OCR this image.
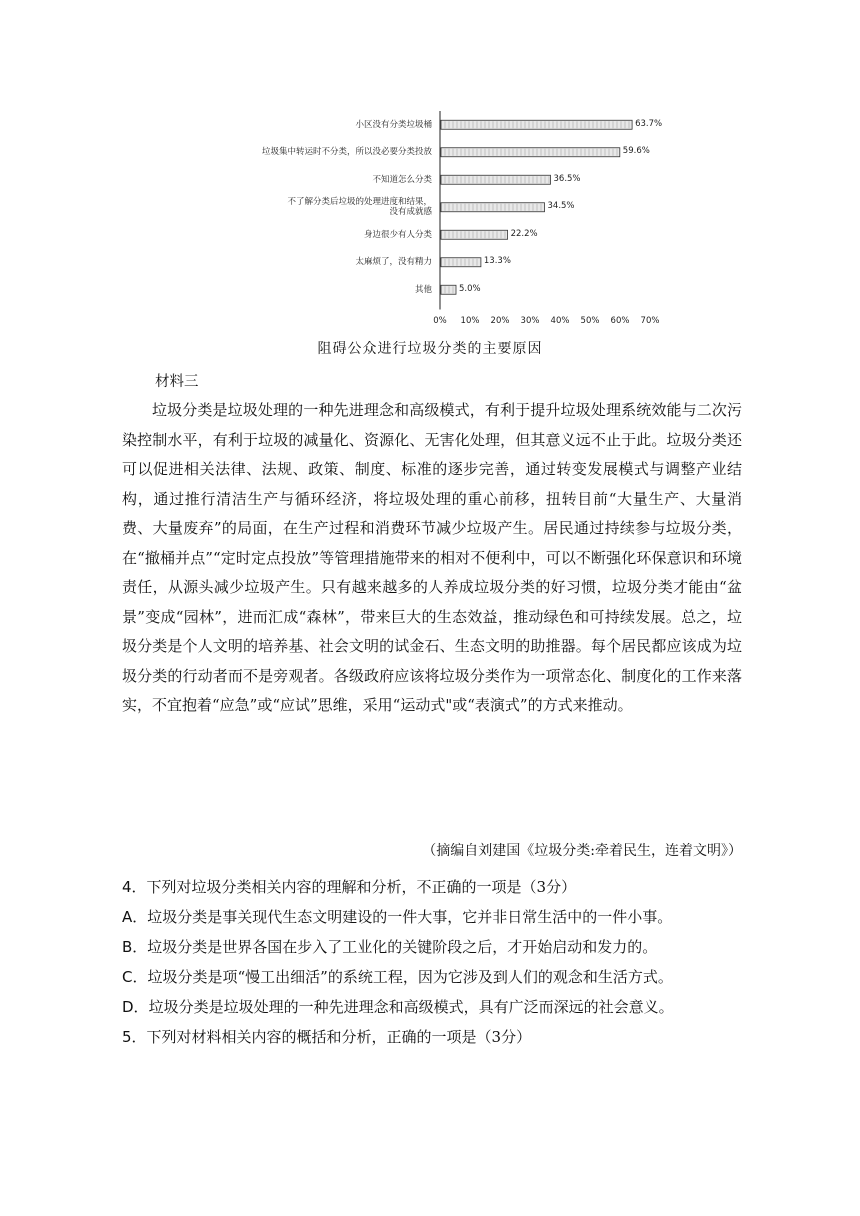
63.7%
小区没有分类垃圾桶
59.6%
垃圾集中转运时不分类，所以没必要分类投放
36.5%
不知道怎么分类
34.5%
不了解分类后垃圾的处理进度和结果，
没有成就感
22.2%
身边很少有人分类
13.3%
太麻烦了，没有精力
5.0%
其他
0% 10% 20% 30% 40% 50% 60% 70%
阻碍公众进行垃圾分类的主要原因
材料三

垃圾分类是垃圾处理的一种先进理念和高级模式，有利于提升垃圾处理系统效能与二次污染控制水平，有利于垃圾的减量化、资源化、无害化处理，但其意义远不止于此。垃圾分类还可以促进相关法律、法规、政策、制度、标准的逐步完善，通过转变发展模式与调整产业结构，通过推行清洁生产与循环经济，将垃圾处理的重心前移，扭转目前“大量生产、大量消费、大量废弃”的局面，在生产过程和消费环节减少垃圾产生。居民通过持续参与垃圾分类，在“撤桶并点”“定时定点投放”等管理措施带来的相对不便利中，可以不断强化环保意识和环境责任，从源头减少垃圾产生。只有越来越多的人养成垃圾分类的好习惯，垃圾分类才能由“盆景”变成“园林”，进而汇成“森林”，带来巨大的生态效益，推动绿色和可持续发展。总之，垃圾分类是个人文明的培养基、社会文明的试金石、生态文明的助推器。每个居民都应该成为垃圾分类的行动者而不是旁观者。各级政府应该将垃圾分类作为一项常态化、制度化的工作来落实，不宜抱着“应急”或“应试”思维，采用“运动式"或“表演式”的方式来推动。

（摘编自刘建国《垃圾分类:牵着民生，连着文明》）
4．下列对垃圾分类相关内容的理解和分析，不正确的一项是（3分）
A．垃圾分类是事关现代生态文明建设的一件大事，它并非日常生活中的一件小事。
B．垃圾分类是世界各国在步入了工业化的关键阶段之后，才开始启动和发力的。
C．垃圾分类是项“慢工出细活”的系统工程，因为它涉及到人们的观念和生活方式。
D．垃圾分类是垃圾处理的一种先进理念和高级模式，具有广泛而深远的社会意义。
5．下列对材料相关内容的概括和分析，正确的一项是（3分）
